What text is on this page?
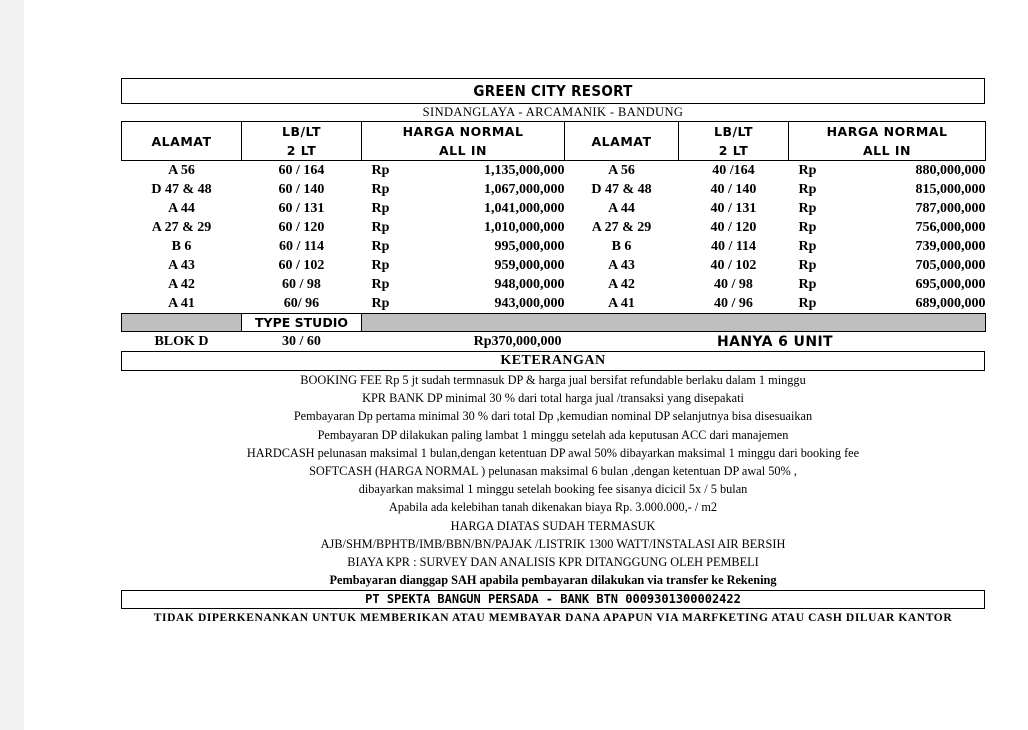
GREEN CITY RESORT
SINDANGLAYA - ARCAMANIK - BANDUNG
ALAMAT	LB/LT	HARGA NORMAL		ALAMAT	LB/LT	HARGA NORMAL	
	2 LT	ALL IN			2 LT	ALL IN	
A 56	60 / 164	Rp	1,135,000,000	A 56	40 /164	Rp	880,000,000
D 47 & 48	60 / 140	Rp	1,067,000,000	D 47 & 48	40 / 140	Rp	815,000,000
A 44	60 / 131	Rp	1,041,000,000	A 44	40 / 131	Rp	787,000,000
A 27 & 29	60 / 120	Rp	1,010,000,000	A 27 & 29	40 / 120	Rp	756,000,000
B 6	60 / 114	Rp	995,000,000	B 6	40 / 114	Rp	739,000,000
A 43	60 / 102	Rp	959,000,000	A 43	40 / 102	Rp	705,000,000
A 42	60 / 98	Rp	948,000,000	A 42	40 / 98	Rp	695,000,000
A 41	60/ 96	Rp	943,000,000	A 41	40 / 96	Rp	689,000,000
	TYPE STUDIO						
BLOK D	30 / 60	Rp370,000,000		HANYA 6 UNIT			
KETERANGAN
BOOKING FEE Rp 5 jt sudah termnasuk DP & harga jual bersifat refundable berlaku dalam 1 minggu
KPR BANK DP minimal 30 % dari total harga jual /transaksi yang disepakati
Pembayaran Dp pertama minimal 30 % dari total Dp ,kemudian nominal DP selanjutnya bisa disesuaikan
Pembayaran DP dilakukan paling lambat 1 minggu setelah ada keputusan ACC dari manajemen
HARDCASH pelunasan maksimal 1 bulan,dengan ketentuan DP awal 50% dibayarkan maksimal 1 minggu dari booking fee
SOFTCASH (HARGA NORMAL ) pelunasan maksimal 6 bulan ,dengan ketentuan DP awal 50% ,
dibayarkan maksimal 1 minggu setelah booking fee sisanya dicicil 5x / 5 bulan
Apabila ada kelebihan tanah dikenakan biaya Rp. 3.000.000,- / m2
HARGA DIATAS SUDAH TERMASUK
AJB/SHM/BPHTB/IMB/BBN/BN/PAJAK /LISTRIK 1300 WATT/INSTALASI AIR BERSIH
BIAYA KPR : SURVEY DAN ANALISIS KPR DITANGGUNG OLEH PEMBELI
Pembayaran dianggap SAH apabila pembayaran dilakukan via transfer ke Rekening
PT SPEKTA BANGUN PERSADA - BANK BTN 0009301300002422
TIDAK DIPERKENANKAN UNTUK MEMBERIKAN ATAU MEMBAYAR DANA APAPUN VIA MARFKETING ATAU CASH DILUAR KANTOR
